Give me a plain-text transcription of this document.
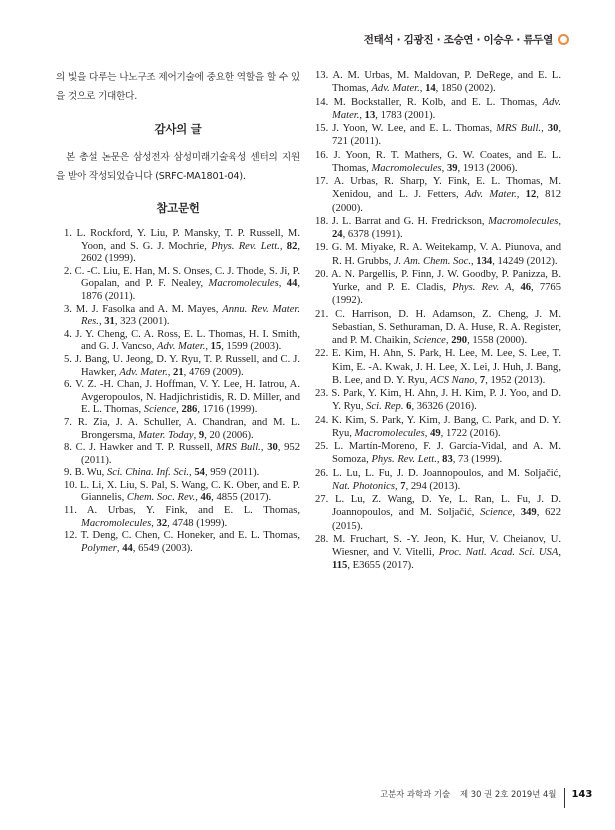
전태석 · 김광진 · 조승연 · 이승우 · 류두열

의 빛을 다루는 나노구조 제어기술에 중요한 역할을 할 수 있을 것으로 기대한다.

감사의 글

본 총설 논문은 삼성전자 삼성미래기술육성 센터의 지원을 받아 작성되었습니다 (SRFC-MA1801-04).

참고문헌
1. L. Rockford, Y. Liu, P. Mansky, T. P. Russell, M. Yoon, and S. G. J. Mochrie, Phys. Rev. Lett., 82, 2602 (1999).
2. C. -C. Liu, E. Han, M. S. Onses, C. J. Thode, S. Ji, P. Gopalan, and P. F. Nealey, Macromolecules, 44, 1876 (2011).
3. M. J. Fasolka and A. M. Mayes, Annu. Rev. Mater. Res., 31, 323 (2001).
4. J. Y. Cheng, C. A. Ross, E. L. Thomas, H. I. Smith, and G. J. Vancso, Adv. Mater., 15, 1599 (2003).
5. J. Bang, U. Jeong, D. Y. Ryu, T. P. Russell, and C. J. Hawker, Adv. Mater., 21, 4769 (2009).
6. V. Z. -H. Chan, J. Hoffman, V. Y. Lee, H. Iatrou, A. Avgeropoulos, N. Hadjichristidis, R. D. Miller, and E. L. Thomas, Science, 286, 1716 (1999).
7. R. Zia, J. A. Schuller, A. Chandran, and M. L. Brongersma, Mater. Today, 9, 20 (2006).
8. C. J. Hawker and T. P. Russell, MRS Bull., 30, 952 (2011).
9. B. Wu, Sci. China. Inf. Sci., 54, 959 (2011).
10. L. Li, X. Liu, S. Pal, S. Wang, C. K. Ober, and E. P. Giannelis, Chem. Soc. Rev., 46, 4855 (2017).
11. A. Urbas, Y. Fink, and E. L. Thomas, Macromolecules, 32, 4748 (1999).
12. T. Deng, C. Chen, C. Honeker, and E. L. Thomas, Polymer, 44, 6549 (2003).
13. A. M. Urbas, M. Maldovan, P. DeRege, and E. L. Thomas, Adv. Mater., 14, 1850 (2002).
14. M. Bockstaller, R. Kolb, and E. L. Thomas, Adv. Mater., 13, 1783 (2001).
15. J. Yoon, W. Lee, and E. L. Thomas, MRS Bull., 30, 721 (2011).
16. J. Yoon, R. T. Mathers, G. W. Coates, and E. L. Thomas, Macromolecules, 39, 1913 (2006).
17. A. Urbas, R. Sharp, Y. Fink, E. L. Thomas, M. Xenidou, and L. J. Fetters, Adv. Mater., 12, 812 (2000).
18. J. L. Barrat and G. H. Fredrickson, Macromolecules, 24, 6378 (1991).
19. G. M. Miyake, R. A. Weitekamp, V. A. Piunova, and R. H. Grubbs, J. Am. Chem. Soc., 134, 14249 (2012).
20. A. N. Pargellis, P. Finn, J. W. Goodby, P. Panizza, B. Yurke, and P. E. Cladis, Phys. Rev. A, 46, 7765 (1992).
21. C. Harrison, D. H. Adamson, Z. Cheng, J. M. Sebastian, S. Sethuraman, D. A. Huse, R. A. Register, and P. M. Chaikin, Science, 290, 1558 (2000).
22. E. Kim, H. Ahn, S. Park, H. Lee, M. Lee, S. Lee, T. Kim, E. -A. Kwak, J. H. Lee, X. Lei, J. Huh, J. Bang, B. Lee, and D. Y. Ryu, ACS Nano, 7, 1952 (2013).
23. S. Park, Y. Kim, H. Ahn, J. H. Kim, P. J. Yoo, and D. Y. Ryu, Sci. Rep. 6, 36326 (2016).
24. K. Kim, S. Park, Y. Kim, J. Bang, C. Park, and D. Y. Ryu, Macromolecules, 49, 1722 (2016).
25. L. Martín-Moreno, F. J. García-Vidal, and A. M. Somoza, Phys. Rev. Lett., 83, 73 (1999).
26. L. Lu, L. Fu, J. D. Joannopoulos, and M. Soljačić, Nat. Photonics, 7, 294 (2013).
27. L. Lu, Z. Wang, D. Ye, L. Ran, L. Fu, J. D. Joannopoulos, and M. Soljačić, Science, 349, 622 (2015).
28. M. Fruchart, S. -Y. Jeon, K. Hur, V. Cheianov, U. Wiesner, and V. Vitelli, Proc. Natl. Acad. Sci. USA, 115, E3655 (2017).
고분자 과학과 기술 제 30 권 2호 2019년 4월 143
